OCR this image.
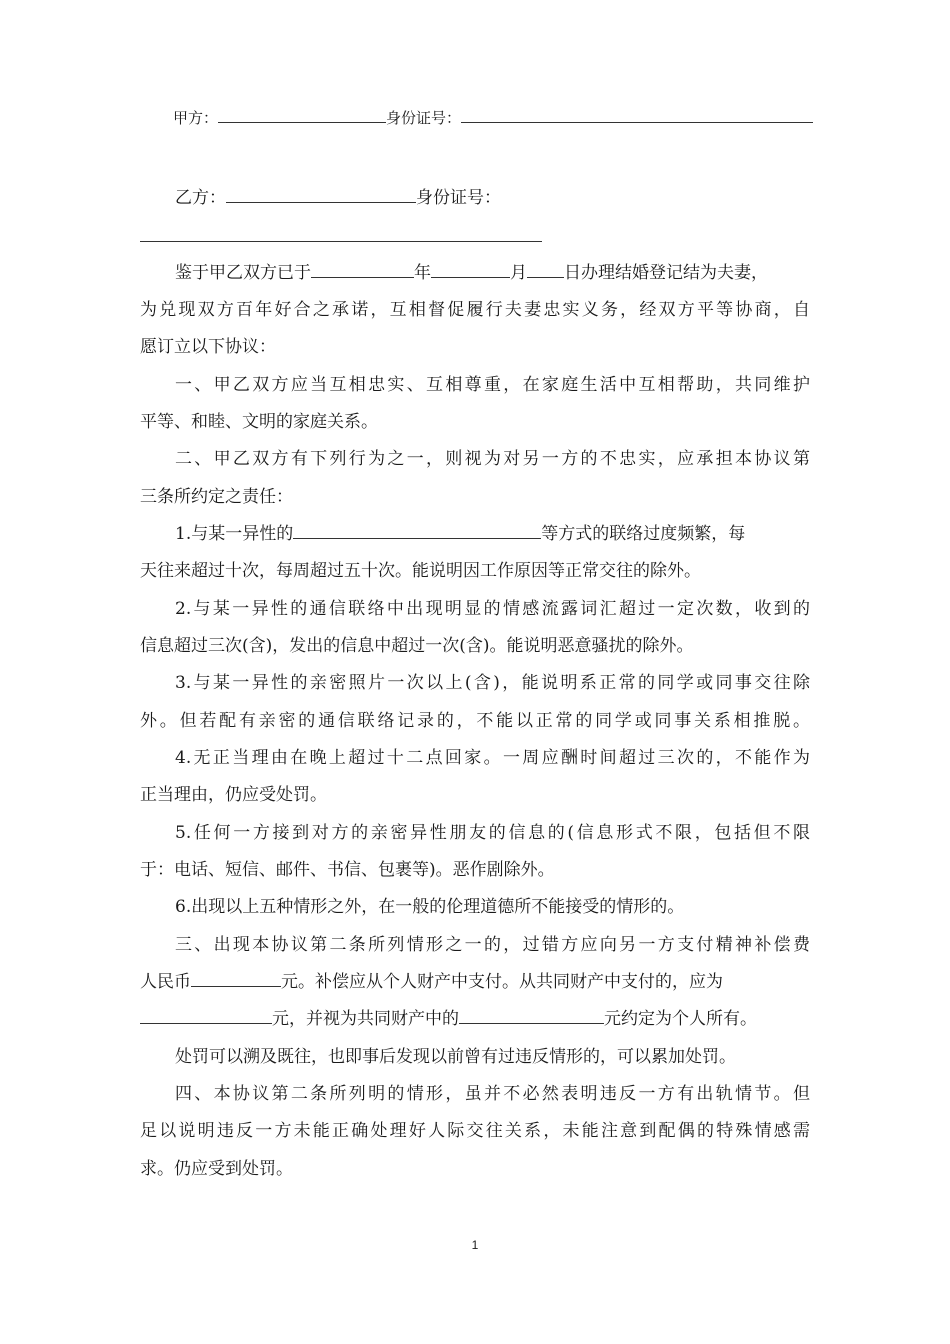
甲方：	身份证号：
乙方：	身份证号：
鉴于甲乙双方已于	年	月 日办理结婚登记结为夫妻，
为兑现双方百年好合之承诺，互相督促履行夫妻忠实义务，经双方平等协商，自
愿订立以下协议：
一、甲乙双方应当互相忠实、互相尊重，在家庭生活中互相帮助，共同维护
平等、和睦、文明的家庭关系。
二、甲乙双方有下列行为之一，则视为对另一方的不忠实，应承担本协议第
三条所约定之责任：
1.与某一异性的	等方式的联络过度频繁，每
天往来超过十次，每周超过五十次。能说明因工作原因等正常交往的除外。
2.与某一异性的通信联络中出现明显的情感流露词汇超过一定次数，收到的
信息超过三次(含)，发出的信息中超过一次(含)。能说明恶意骚扰的除外。
3.与某一异性的亲密照片一次以上(含)，能说明系正常的同学或同事交往除
外。但若配有亲密的通信联络记录的，不能以正常的同学或同事关系相推脱。
4.无正当理由在晚上超过十二点回家。一周应酬时间超过三次的，不能作为
正当理由，仍应受处罚。
5.任何一方接到对方的亲密异性朋友的信息的(信息形式不限，包括但不限
于：电话、短信、邮件、书信、包裹等)。恶作剧除外。
6.出现以上五种情形之外，在一般的伦理道德所不能接受的情形的。
三、出现本协议第二条所列情形之一的，过错方应向另一方支付精神补偿费
人民币	元。补偿应从个人财产中支付。从共同财产中支付的，应为
元，并视为共同财产中的	元约定为个人所有。
处罚可以溯及既往，也即事后发现以前曾有过违反情形的，可以累加处罚。
四、本协议第二条所列明的情形，虽并不必然表明违反一方有出轨情节。但
足以说明违反一方未能正确处理好人际交往关系，未能注意到配偶的特殊情感需
求。仍应受到处罚。
1
